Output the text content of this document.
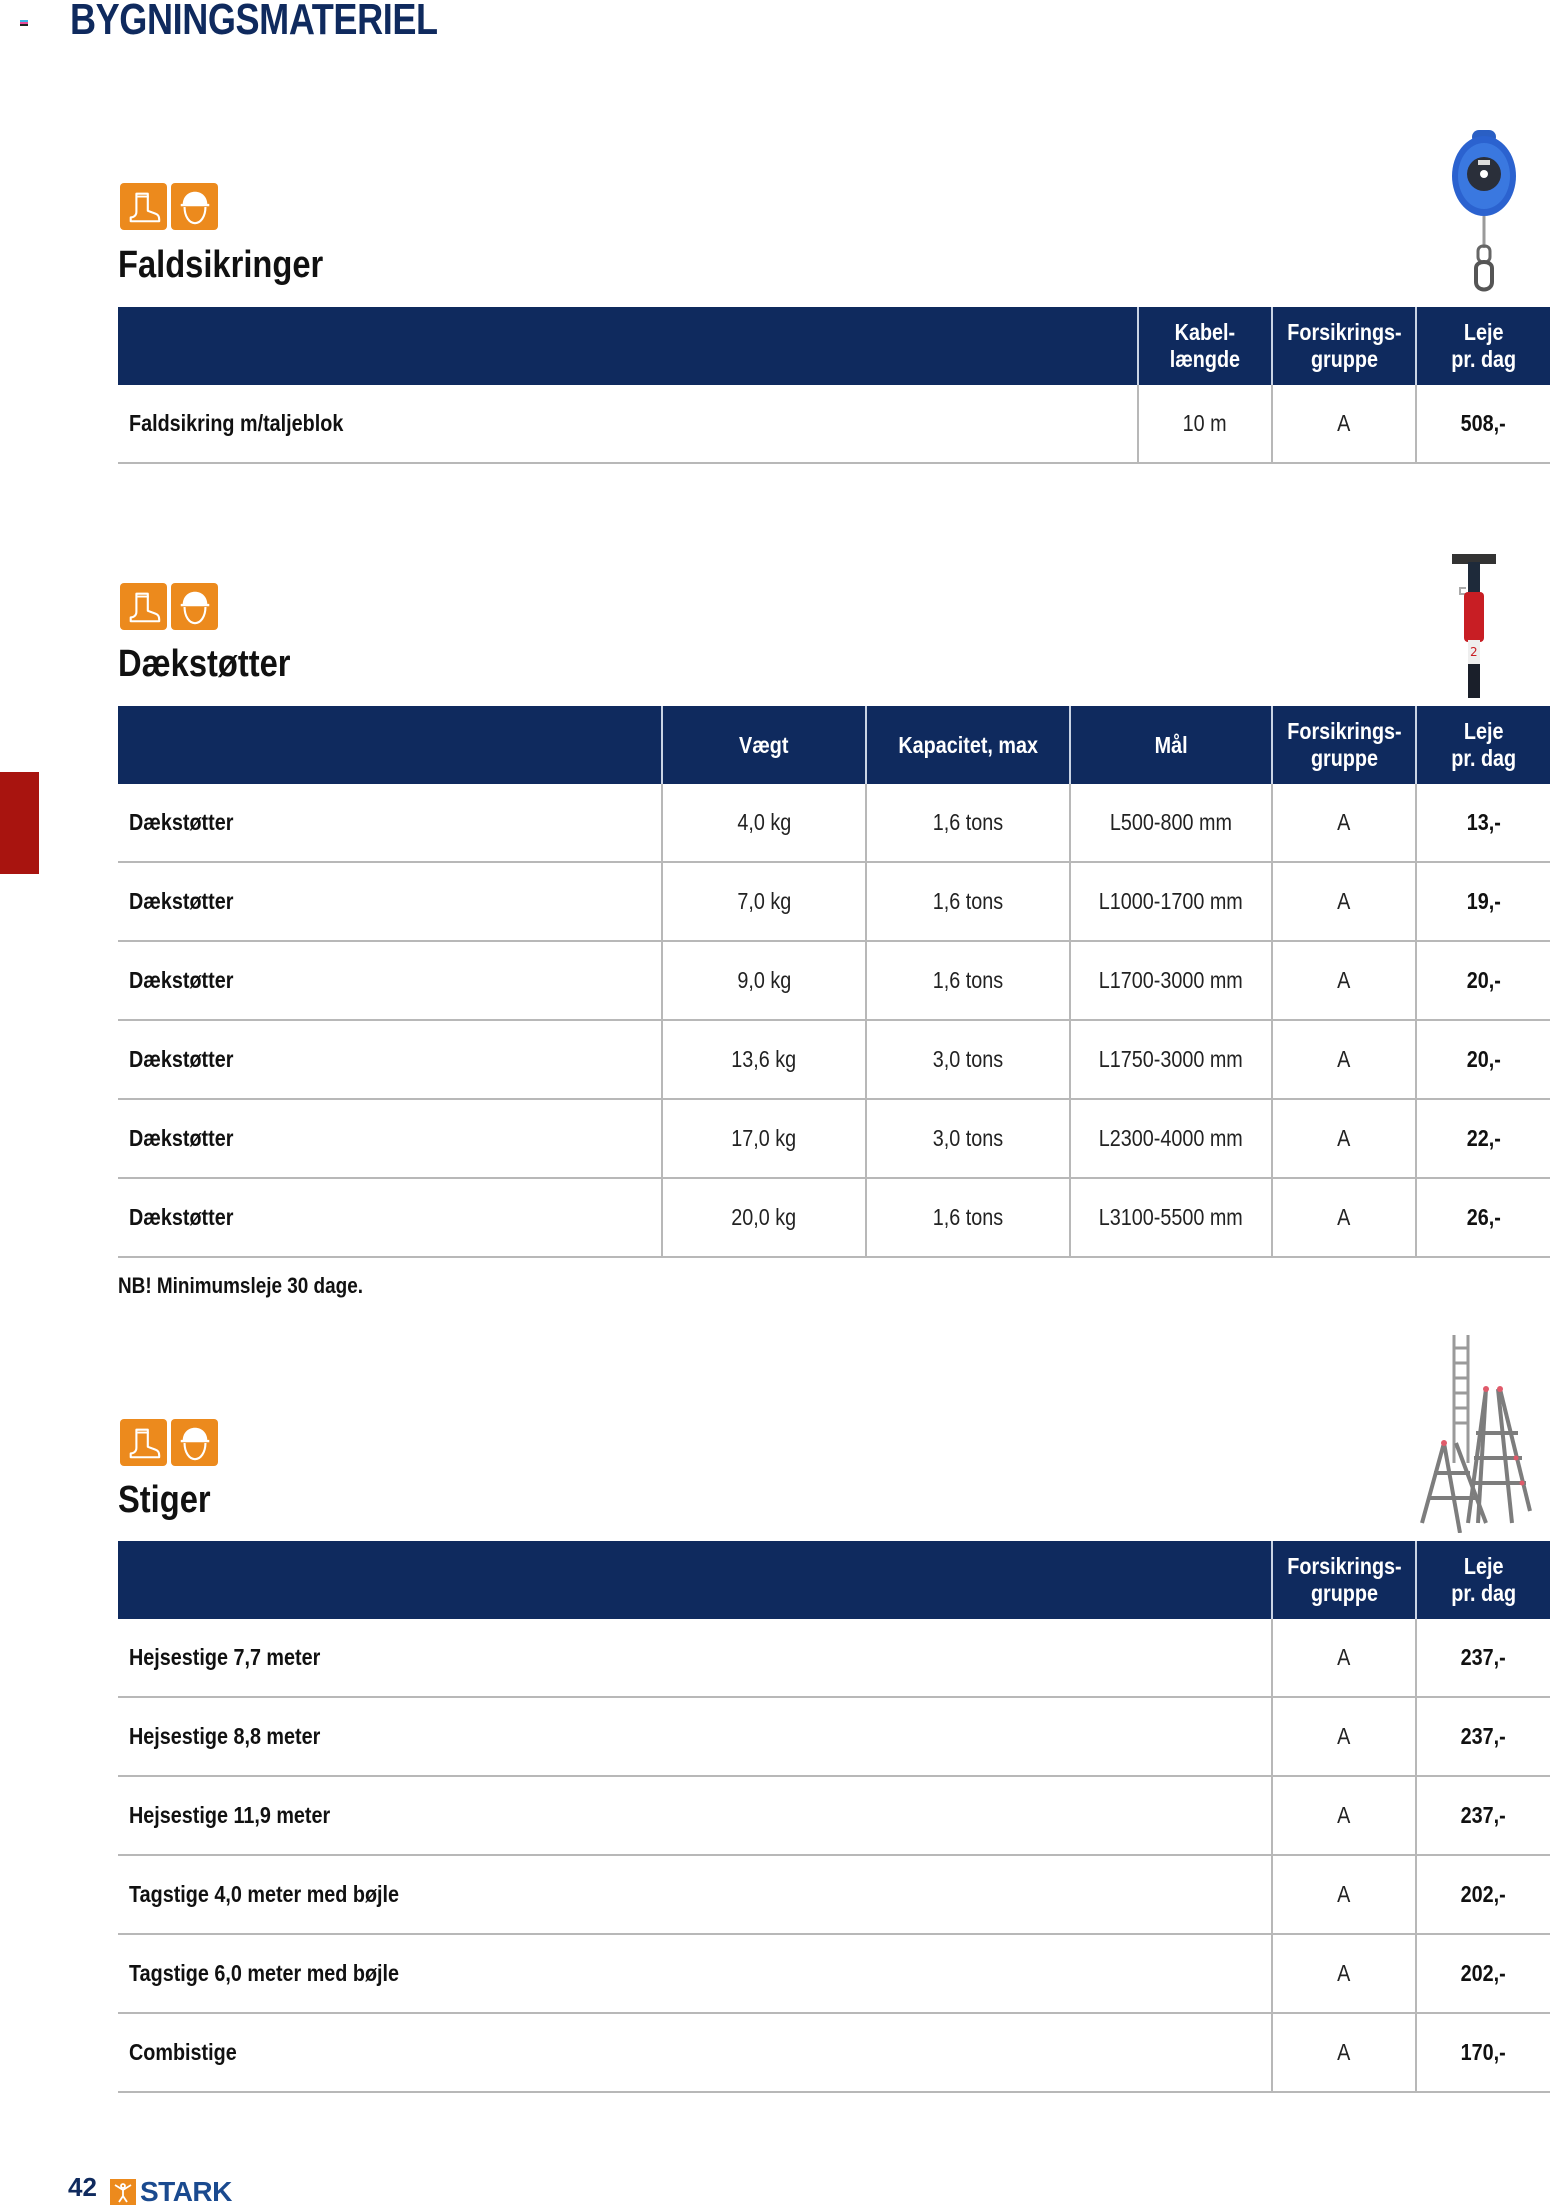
BYGNINGSMATERIEL
Faldsikringer
	Kabel-
længde	Forsikrings-
gruppe	Leje
pr. dag
Faldsikring m/taljeblok	10 m	A	508,-
Dækstøtter	2
	Vægt	Kapacitet, max	Mål	Forsikrings-
gruppe	Leje
pr. dag
Dækstøtter	4,0 kg	1,6 tons	L500-800 mm	A	13,-
Dækstøtter	7,0 kg	1,6 tons	L1000-1700 mm	A	19,-
Dækstøtter	9,0 kg	1,6 tons	L1700-3000 mm	A	20,-
Dækstøtter	13,6 kg	3,0 tons	L1750-3000 mm	A	20,-
Dækstøtter	17,0 kg	3,0 tons	L2300-4000 mm	A	22,-
Dækstøtter	20,0 kg	1,6 tons	L3100-5500 mm	A	26,-
NB! Minimumsleje 30 dage.
Stiger
	Forsikrings-
gruppe	Leje
pr. dag
Hejsestige 7,7 meter	A	237,-
Hejsestige 8,8 meter	A	237,-
Hejsestige 11,9 meter	A	237,-
Tagstige 4,0 meter med bøjle	A	202,-
Tagstige 6,0 meter med bøjle	A	202,-
Combistige	A	170,-
42 STARK
